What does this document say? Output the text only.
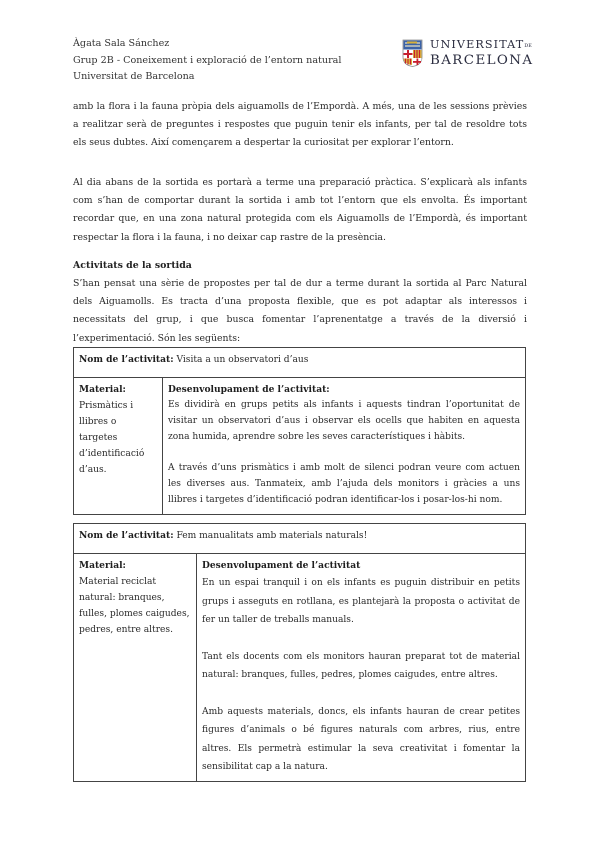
Àgata Sala Sánchez
Grup 2B - Coneixement i exploració de l’entorn natural
Universitat de Barcelona
UNIVERSITATDE
BARCELONA
amb la flora i la fauna pròpia dels aiguamolls de l’Empordà. A més, una de les sessions prèvies a realitzar serà de preguntes i respostes que puguin tenir els infants, per tal de resoldre tots els seus dubtes. Així començarem a despertar la curiositat per explorar l’entorn.
Al dia abans de la sortida es portarà a terme una preparació pràctica. S’explicarà als infants com s’han de comportar durant la sortida i amb tot l’entorn que els envolta. És important recordar que, en una zona natural protegida com els Aiguamolls de l’Empordà, és important respectar la flora i la fauna, i no deixar cap rastre de la presència.
Activitats de la sortida
S’han pensat una sèrie de propostes per tal de dur a terme durant la sortida al Parc Natural dels Aiguamolls. Es tracta d’una proposta flexible, que es pot adaptar als interessos i necessitats del grup, i que busca fomentar l’aprenentatge a través de la diversió i l’experimentació. Són les següents:
Nom de l’activitat: Visita a un observatori d’aus

Material:
Prismàtics i llibres o targetes d’identificació d’aus.

Desenvolupament de l’activitat:

Es dividirà en grups petits als infants i aquests tindran l’oportunitat de visitar un observatori d’aus i observar els ocells que habiten en aquesta zona humida, aprendre sobre les seves característiques i hàbits.

A través d’uns prismàtics i amb molt de silenci podran veure com actuen les diverses aus. Tanmateix, amb l’ajuda dels monitors i gràcies a uns llibres i targetes d’identificació podran identificar-los i posar-los-hi nom.

Nom de l’activitat: Fem manualitats amb materials naturals!

Material:
Material reciclat natural: branques, fulles, plomes caigudes, pedres, entre altres.

Desenvolupament de l’activitat

En un espai tranquil i on els infants es puguin distribuir en petits grups i asseguts en rotllana, es plantejarà la proposta o activitat de fer un taller de treballs manuals.

Tant els docents com els monitors hauran preparat tot de material natural: branques, fulles, pedres, plomes caigudes, entre altres.

Amb aquests materials, doncs, els infants hauran de crear petites figures d’animals o bé figures naturals com arbres, rius, entre altres. Els permetrà estimular la seva creativitat i fomentar la sensibilitat cap a la natura.
